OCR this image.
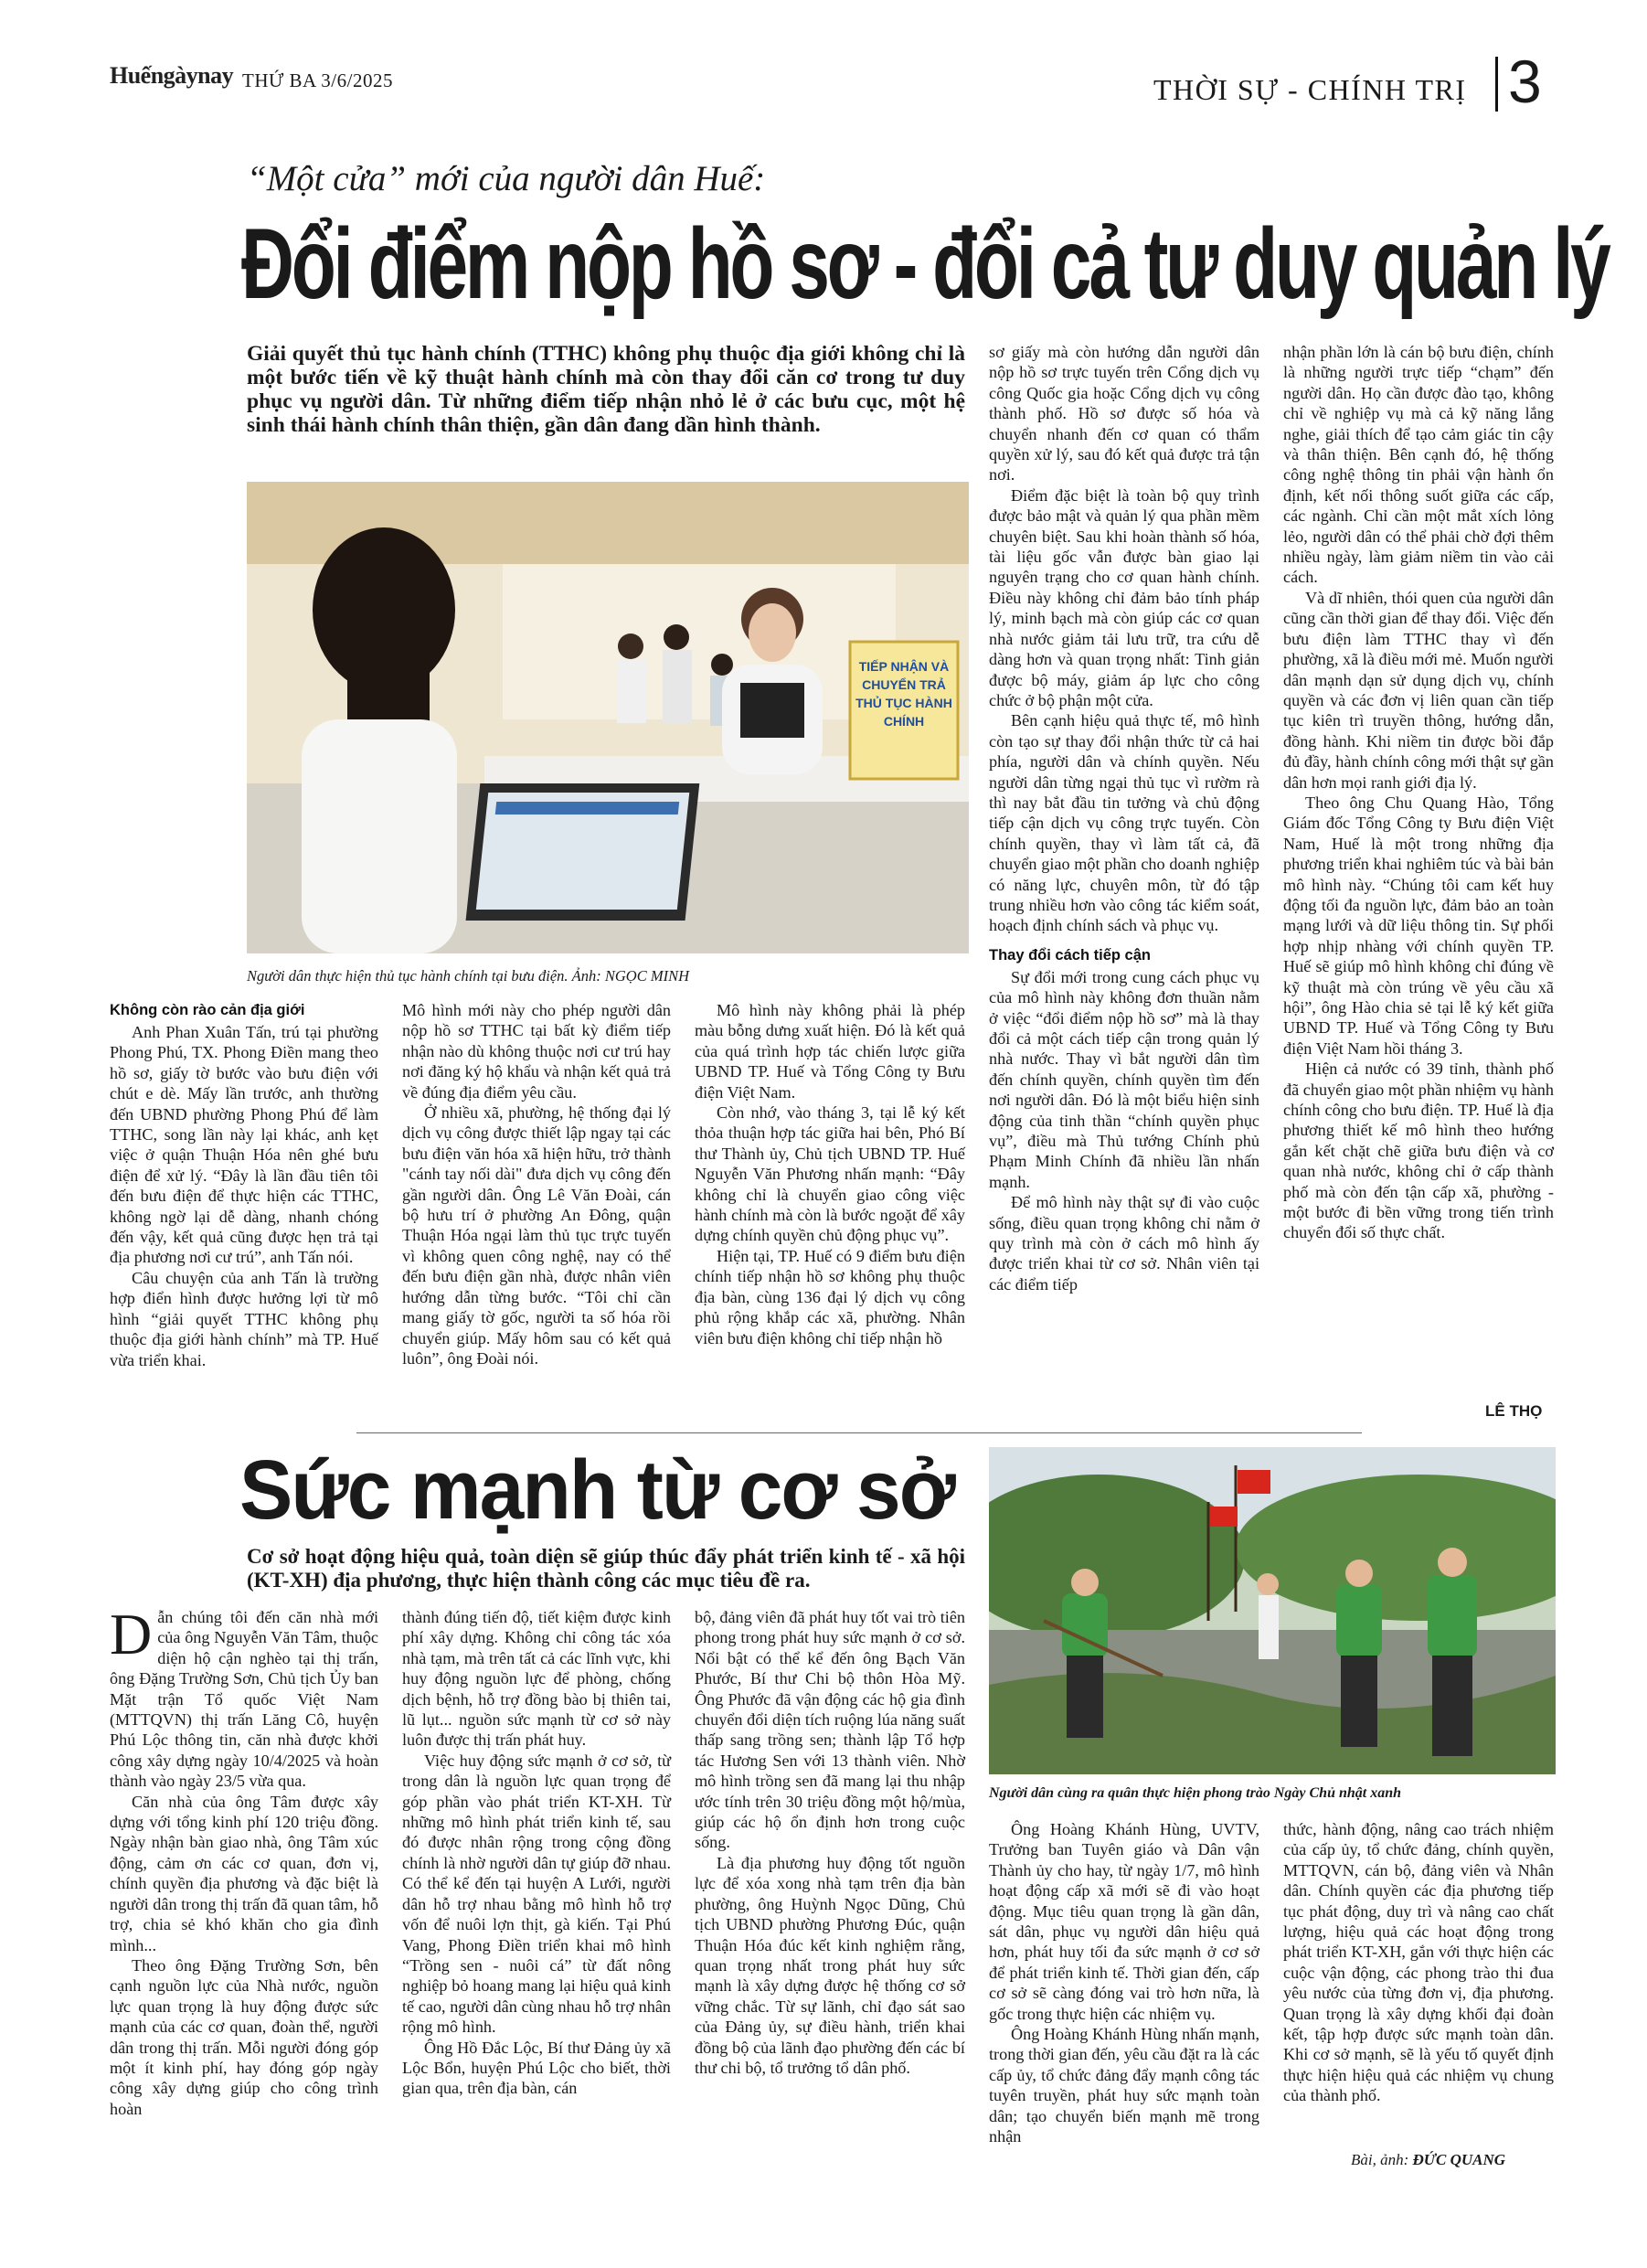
Huếngàynay THỨ BA 3/6/2025	THỜI SỰ - CHÍNH TRỊ 3
“Một cửa” mới của người dân Huế:
Đổi điểm nộp hồ sơ - đổi cả tư duy quản lý
Giải quyết thủ tục hành chính (TTHC) không phụ thuộc địa giới không chỉ là một bước tiến về kỹ thuật hành chính mà còn thay đổi căn cơ trong tư duy phục vụ người dân. Từ những điểm tiếp nhận nhỏ lẻ ở các bưu cục, một hệ sinh thái hành chính thân thiện, gần dân đang dần hình thành.
TIẾP NHẬN VÀ CHUYỂN TRẢ THỦ TỤC HÀNH CHÍNH
Người dân thực hiện thủ tục hành chính tại bưu điện. Ảnh: NGỌC MINH
Không còn rào cản địa giới

Anh Phan Xuân Tấn, trú tại phường Phong Phú, TX. Phong Điền mang theo hồ sơ, giấy tờ bước vào bưu điện với chút e dè. Mấy lần trước, anh thường đến UBND phường Phong Phú để làm TTHC, song lần này lại khác, anh kẹt việc ở quận Thuận Hóa nên ghé bưu điện để xử lý. “Đây là lần đầu tiên tôi đến bưu điện để thực hiện các TTHC, không ngờ lại dễ dàng, nhanh chóng đến vậy, kết quả cũng được hẹn trả tại địa phương nơi cư trú”, anh Tấn nói.

Câu chuyện của anh Tấn là trường hợp điển hình được hưởng lợi từ mô hình “giải quyết TTHC không phụ thuộc địa giới hành chính” mà TP. Huế vừa triển khai.

Mô hình mới này cho phép người dân nộp hồ sơ TTHC tại bất kỳ điểm tiếp nhận nào dù không thuộc nơi cư trú hay nơi đăng ký hộ khẩu và nhận kết quả trả về đúng địa điểm yêu cầu.

Ở nhiều xã, phường, hệ thống đại lý dịch vụ công được thiết lập ngay tại các bưu điện văn hóa xã hiện hữu, trở thành "cánh tay nối dài" đưa dịch vụ công đến gần người dân. Ông Lê Văn Đoài, cán bộ hưu trí ở phường An Đông, quận Thuận Hóa ngại làm thủ tục trực tuyến vì không quen công nghệ, nay có thể đến bưu điện gần nhà, được nhân viên hướng dẫn từng bước. “Tôi chỉ cần mang giấy tờ gốc, người ta số hóa rồi chuyển giúp. Mấy hôm sau có kết quả luôn”, ông Đoài nói.

Mô hình này không phải là phép màu bỗng dưng xuất hiện. Đó là kết quả của quá trình hợp tác chiến lược giữa UBND TP. Huế và Tổng Công ty Bưu điện Việt Nam.

Còn nhớ, vào tháng 3, tại lễ ký kết thỏa thuận hợp tác giữa hai bên, Phó Bí thư Thành ủy, Chủ tịch UBND TP. Huế Nguyễn Văn Phương nhấn mạnh: “Đây không chỉ là chuyển giao công việc hành chính mà còn là bước ngoặt để xây dựng chính quyền chủ động phục vụ”.

Hiện tại, TP. Huế có 9 điểm bưu điện chính tiếp nhận hồ sơ không phụ thuộc địa bàn, cùng 136 đại lý dịch vụ công phủ rộng khắp các xã, phường. Nhân viên bưu điện không chỉ tiếp nhận hồ

sơ giấy mà còn hướng dẫn người dân nộp hồ sơ trực tuyến trên Cổng dịch vụ công Quốc gia hoặc Cổng dịch vụ công thành phố. Hồ sơ được số hóa và chuyển nhanh đến cơ quan có thẩm quyền xử lý, sau đó kết quả được trả tận nơi.

Điểm đặc biệt là toàn bộ quy trình được bảo mật và quản lý qua phần mềm chuyên biệt. Sau khi hoàn thành số hóa, tài liệu gốc vẫn được bàn giao lại nguyên trạng cho cơ quan hành chính. Điều này không chỉ đảm bảo tính pháp lý, minh bạch mà còn giúp các cơ quan nhà nước giảm tải lưu trữ, tra cứu dễ dàng hơn và quan trọng nhất: Tinh giản được bộ máy, giảm áp lực cho công chức ở bộ phận một cửa.

Bên cạnh hiệu quả thực tế, mô hình còn tạo sự thay đổi nhận thức từ cả hai phía, người dân và chính quyền. Nếu người dân từng ngại thủ tục vì rườm rà thì nay bắt đầu tin tưởng và chủ động tiếp cận dịch vụ công trực tuyến. Còn chính quyền, thay vì làm tất cả, đã chuyển giao một phần cho doanh nghiệp có năng lực, chuyên môn, từ đó tập trung nhiều hơn vào công tác kiểm soát, hoạch định chính sách và phục vụ.

Thay đổi cách tiếp cận

Sự đổi mới trong cung cách phục vụ của mô hình này không đơn thuần nằm ở việc “đổi điểm nộp hồ sơ” mà là thay đổi cả một cách tiếp cận trong quản lý nhà nước. Thay vì bắt người dân tìm đến chính quyền, chính quyền tìm đến nơi người dân. Đó là một biểu hiện sinh động của tinh thần “chính quyền phục vụ”, điều mà Thủ tướng Chính phủ Phạm Minh Chính đã nhiều lần nhấn mạnh.

Để mô hình này thật sự đi vào cuộc sống, điều quan trọng không chỉ nằm ở quy trình mà còn ở cách mô hình ấy được triển khai từ cơ sở. Nhân viên tại các điểm tiếp

nhận phần lớn là cán bộ bưu điện, chính là những người trực tiếp “chạm” đến người dân. Họ cần được đào tạo, không chỉ về nghiệp vụ mà cả kỹ năng lắng nghe, giải thích để tạo cảm giác tin cậy và thân thiện. Bên cạnh đó, hệ thống công nghệ thông tin phải vận hành ổn định, kết nối thông suốt giữa các cấp, các ngành. Chỉ cần một mắt xích lỏng lẻo, người dân có thể phải chờ đợi thêm nhiều ngày, làm giảm niềm tin vào cải cách.

Và dĩ nhiên, thói quen của người dân cũng cần thời gian để thay đổi. Việc đến bưu điện làm TTHC thay vì đến phường, xã là điều mới mẻ. Muốn người dân mạnh dạn sử dụng dịch vụ, chính quyền và các đơn vị liên quan cần tiếp tục kiên trì truyền thông, hướng dẫn, đồng hành. Khi niềm tin được bồi đắp đủ đầy, hành chính công mới thật sự gần dân hơn mọi ranh giới địa lý.

Theo ông Chu Quang Hào, Tổng Giám đốc Tổng Công ty Bưu điện Việt Nam, Huế là một trong những địa phương triển khai nghiêm túc và bài bản mô hình này. “Chúng tôi cam kết huy động tối đa nguồn lực, đảm bảo an toàn mạng lưới và dữ liệu thông tin. Sự phối hợp nhịp nhàng với chính quyền TP. Huế sẽ giúp mô hình không chỉ đúng về kỹ thuật mà còn trúng về yêu cầu xã hội”, ông Hào chia sẻ tại lễ ký kết giữa UBND TP. Huế và Tổng Công ty Bưu điện Việt Nam hồi tháng 3.

Hiện cả nước có 39 tỉnh, thành phố đã chuyển giao một phần nhiệm vụ hành chính công cho bưu điện. TP. Huế là địa phương thiết kế mô hình theo hướng gắn kết chặt chẽ giữa bưu điện và cơ quan nhà nước, không chỉ ở cấp thành phố mà còn đến tận cấp xã, phường - một bước đi bền vững trong tiến trình chuyển đổi số thực chất.

LÊ THỌ
Sức mạnh từ cơ sở
Cơ sở hoạt động hiệu quả, toàn diện sẽ giúp thúc đẩy phát triển kinh tế - xã hội (KT-XH) địa phương, thực hiện thành công các mục tiêu đề ra.
Người dân cùng ra quân thực hiện phong trào Ngày Chủ nhật xanh

Dẫn chúng tôi đến căn nhà mới của ông Nguyễn Văn Tâm, thuộc diện hộ cận nghèo tại thị trấn, ông Đặng Trường Sơn, Chủ tịch Ủy ban Mặt trận Tổ quốc Việt Nam (MTTQVN) thị trấn Lăng Cô, huyện Phú Lộc thông tin, căn nhà được khởi công xây dựng ngày 10/4/2025 và hoàn thành vào ngày 23/5 vừa qua.

Căn nhà của ông Tâm được xây dựng với tổng kinh phí 120 triệu đồng. Ngày nhận bàn giao nhà, ông Tâm xúc động, cảm ơn các cơ quan, đơn vị, chính quyền địa phương và đặc biệt là người dân trong thị trấn đã quan tâm, hỗ trợ, chia sẻ khó khăn cho gia đình mình...

Theo ông Đặng Trường Sơn, bên cạnh nguồn lực của Nhà nước, nguồn lực quan trọng là huy động được sức mạnh của các cơ quan, đoàn thể, người dân trong thị trấn. Mỗi người đóng góp một ít kinh phí, hay đóng góp ngày công xây dựng giúp cho công trình hoàn

thành đúng tiến độ, tiết kiệm được kinh phí xây dựng. Không chỉ công tác xóa nhà tạm, mà trên tất cả các lĩnh vực, khi huy động nguồn lực để phòng, chống dịch bệnh, hỗ trợ đồng bào bị thiên tai, lũ lụt... nguồn sức mạnh từ cơ sở này luôn được thị trấn phát huy.

Việc huy động sức mạnh ở cơ sở, từ trong dân là nguồn lực quan trọng để góp phần vào phát triển KT-XH. Từ những mô hình phát triển kinh tế, sau đó được nhân rộng trong cộng đồng chính là nhờ người dân tự giúp đỡ nhau. Có thể kể đến tại huyện A Lưới, người dân hỗ trợ nhau bằng mô hình hỗ trợ vốn để nuôi lợn thịt, gà kiến. Tại Phú Vang, Phong Điền triển khai mô hình “Trồng sen - nuôi cá” từ đất nông nghiệp bỏ hoang mang lại hiệu quả kinh tế cao, người dân cùng nhau hỗ trợ nhân rộng mô hình.

Ông Hồ Đắc Lộc, Bí thư Đảng ủy xã Lộc Bổn, huyện Phú Lộc cho biết, thời gian qua, trên địa bàn, cán

bộ, đảng viên đã phát huy tốt vai trò tiên phong trong phát huy sức mạnh ở cơ sở. Nổi bật có thể kể đến ông Bạch Văn Phước, Bí thư Chi bộ thôn Hòa Mỹ. Ông Phước đã vận động các hộ gia đình chuyển đổi diện tích ruộng lúa năng suất thấp sang trồng sen; thành lập Tổ hợp tác Hương Sen với 13 thành viên. Nhờ mô hình trồng sen đã mang lại thu nhập ước tính trên 30 triệu đồng một hộ/mùa, giúp các hộ ổn định hơn trong cuộc sống.

Là địa phương huy động tốt nguồn lực để xóa xong nhà tạm trên địa bàn phường, ông Huỳnh Ngọc Dũng, Chủ tịch UBND phường Phương Đúc, quận Thuận Hóa đúc kết kinh nghiệm rằng, quan trọng nhất trong phát huy sức mạnh là xây dựng được hệ thống cơ sở vững chắc. Từ sự lãnh, chỉ đạo sát sao của Đảng ủy, sự điều hành, triển khai đồng bộ của lãnh đạo phường đến các bí thư chi bộ, tổ trưởng tổ dân phố.

Ông Hoàng Khánh Hùng, UVTV, Trưởng ban Tuyên giáo và Dân vận Thành ủy cho hay, từ ngày 1/7, mô hình hoạt động cấp xã mới sẽ đi vào hoạt động. Mục tiêu quan trọng là gần dân, sát dân, phục vụ người dân hiệu quả hơn, phát huy tối đa sức mạnh ở cơ sở để phát triển kinh tế. Thời gian đến, cấp cơ sở sẽ càng đóng vai trò hơn nữa, là gốc trong thực hiện các nhiệm vụ.

Ông Hoàng Khánh Hùng nhấn mạnh, trong thời gian đến, yêu cầu đặt ra là các cấp ủy, tổ chức đảng đẩy mạnh công tác tuyên truyền, phát huy sức mạnh toàn dân; tạo chuyển biến mạnh mẽ trong nhận

thức, hành động, nâng cao trách nhiệm của cấp ủy, tổ chức đảng, chính quyền, MTTQVN, cán bộ, đảng viên và Nhân dân. Chính quyền các địa phương tiếp tục phát động, duy trì và nâng cao chất lượng, hiệu quả các hoạt động trong phát triển KT-XH, gắn với thực hiện các cuộc vận động, các phong trào thi đua yêu nước của từng đơn vị, địa phương. Quan trọng là xây dựng khối đại đoàn kết, tập hợp được sức mạnh toàn dân. Khi cơ sở mạnh, sẽ là yếu tố quyết định thực hiện hiệu quả các nhiệm vụ chung của thành phố.

Bài, ảnh: ĐỨC QUANG
